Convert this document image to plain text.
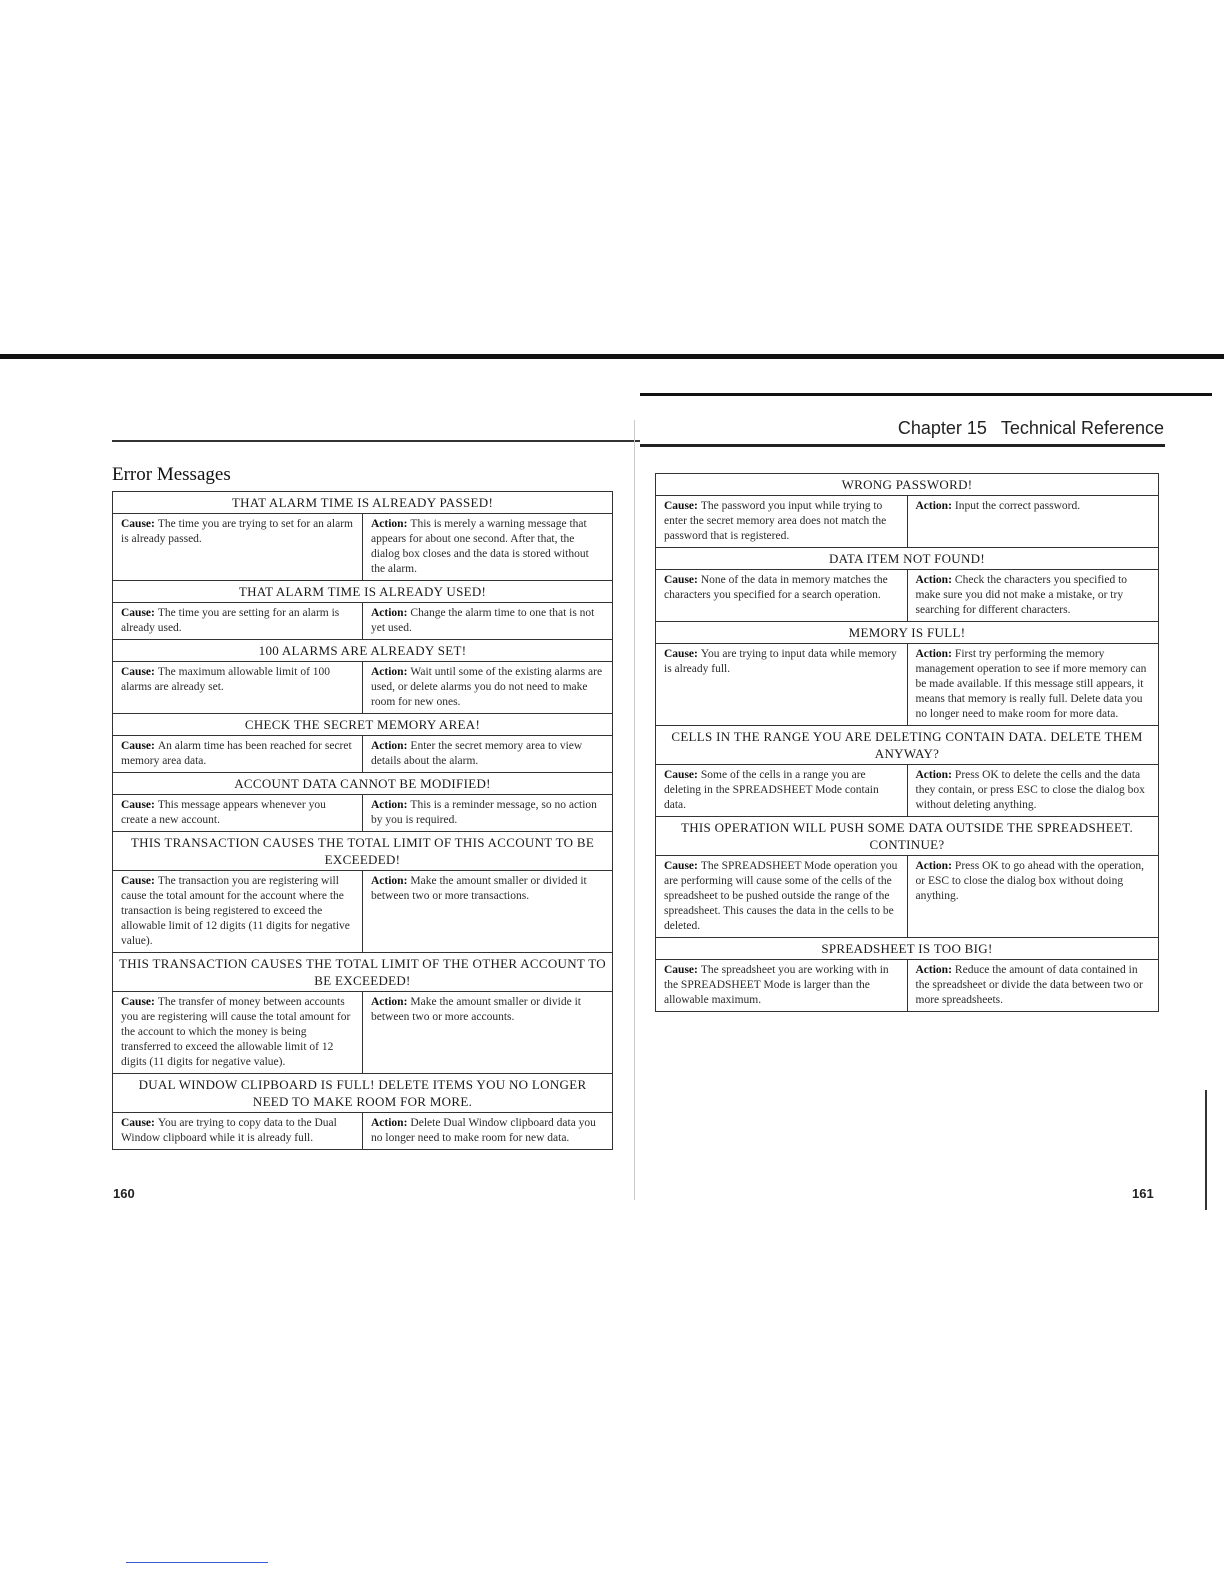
Chapter 15 Technical Reference
Error Messages
THAT ALARM TIME IS ALREADY PASSED!
Cause: The time you are trying to set for an alarm is already passed.
Action: This is merely a warning message that appears for about one second. After that, the dialog box closes and the data is stored without the alarm.
THAT ALARM TIME IS ALREADY USED!
Cause: The time you are setting for an alarm is already used.
Action: Change the alarm time to one that is not yet used.
100 ALARMS ARE ALREADY SET!
Cause: The maximum allowable limit of 100 alarms are already set.
Action: Wait until some of the existing alarms are used, or delete alarms you do not need to make room for new ones.
CHECK THE SECRET MEMORY AREA!
Cause: An alarm time has been reached for secret memory area data.
Action: Enter the secret memory area to view details about the alarm.
ACCOUNT DATA CANNOT BE MODIFIED!
Cause: This message appears whenever you create a new account.
Action: This is a reminder message, so no action by you is required.
THIS TRANSACTION CAUSES THE TOTAL LIMIT OF THIS ACCOUNT TO BE EXCEEDED!
Cause: The transaction you are registering will cause the total amount for the account where the transaction is being registered to exceed the allowable limit of 12 digits (11 digits for negative value).
Action: Make the amount smaller or divided it between two or more transactions.
THIS TRANSACTION CAUSES THE TOTAL LIMIT OF THE OTHER ACCOUNT TO BE EXCEEDED!
Cause: The transfer of money between accounts you are registering will cause the total amount for the account to which the money is being transferred to exceed the allowable limit of 12 digits (11 digits for negative value).
Action: Make the amount smaller or divide it between two or more accounts.
DUAL WINDOW CLIPBOARD IS FULL! DELETE ITEMS YOU NO LONGER NEED TO MAKE ROOM FOR MORE.
Cause: You are trying to copy data to the Dual Window clipboard while it is already full.
Action: Delete Dual Window clipboard data you no longer need to make room for new data.
WRONG PASSWORD!
Cause: The password you input while trying to enter the secret memory area does not match the password that is registered.
Action: Input the correct password.
DATA ITEM NOT FOUND!
Cause: None of the data in memory matches the characters you specified for a search operation.
Action: Check the characters you specified to make sure you did not make a mistake, or try searching for different characters.
MEMORY IS FULL!
Cause: You are trying to input data while memory is already full.
Action: First try performing the memory management operation to see if more memory can be made available. If this message still appears, it means that memory is really full. Delete data you no longer need to make room for more data.
CELLS IN THE RANGE YOU ARE DELETING CONTAIN DATA. DELETE THEM ANYWAY?
Cause: Some of the cells in a range you are deleting in the SPREADSHEET Mode contain data.
Action: Press OK to delete the cells and the data they contain, or press ESC to close the dialog box without deleting anything.
THIS OPERATION WILL PUSH SOME DATA OUTSIDE THE SPREADSHEET. CONTINUE?
Cause: The SPREADSHEET Mode operation you are performing will cause some of the cells of the spreadsheet to be pushed outside the range of the spreadsheet. This causes the data in the cells to be deleted.
Action: Press OK to go ahead with the operation, or ESC to close the dialog box without doing anything.
SPREADSHEET IS TOO BIG!
Cause: The spreadsheet you are working with in the SPREADSHEET Mode is larger than the allowable maximum.
Action: Reduce the amount of data contained in the spreadsheet or divide the data between two or more spreadsheets.
160	161
